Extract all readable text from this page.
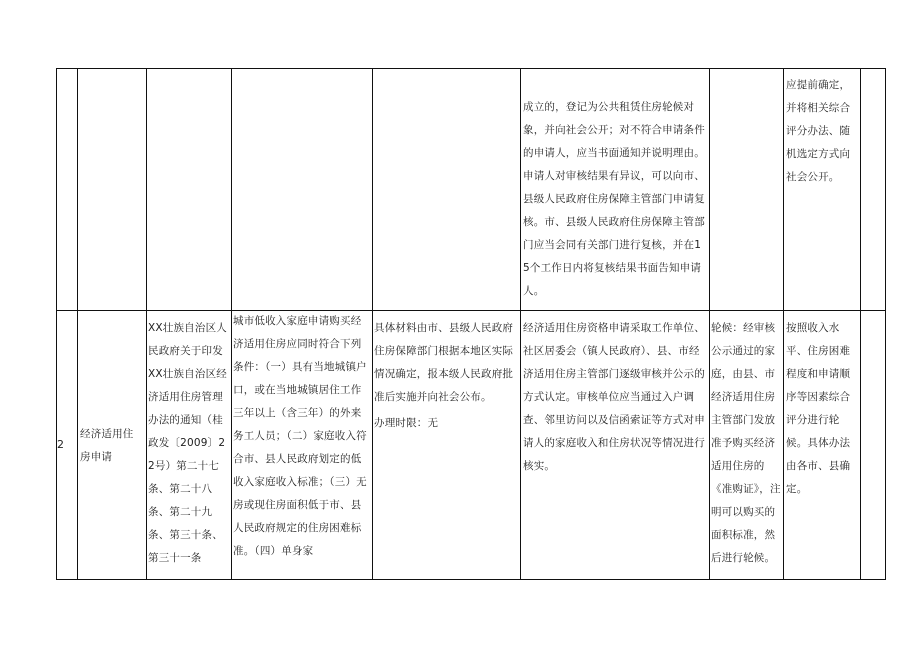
成立的，登记为公共租赁住房轮候对象，并向社会公开；对不符合申请条件的申请人，应当书面通知并说明理由。申请人对审核结果有异议，可以向市、县级人民政府住房保障主管部门申请复核。市、县级人民政府住房保障主管部门应当会同有关部门进行复核，并在15个工作日内将复核结果书面告知申请人。
应提前确定，并将相关综合评分办法、随机选定方式向社会公开。
2
经济适用住房申请
XX壮族自治区人民政府关于印发XX壮族自治区经济适用住房管理办法的通知（桂政发〔2009〕22号）第二十七条、第二十八条、第二十九条、第三十条、第三十一条
城市低收入家庭申请购买经济适用住房应同时符合下列条件：（一）具有当地城镇户口，或在当地城镇居住工作三年以上（含三年）的外来务工人员；（二）家庭收入符合市、县人民政府划定的低收入家庭收入标准；（三）无房或现住房面积低于市、县人民政府规定的住房困难标准。（四）单身家
具体材料由市、县级人民政府住房保障部门根据本地区实际情况确定，报本级人民政府批准后实施并向社会公布。
办理时限：无
经济适用住房资格申请采取工作单位、社区居委会（镇人民政府）、县、市经济适用住房主管部门逐级审核并公示的方式认定。审核单位应当通过入户调查、邻里访问以及信函索证等方式对申请人的家庭收入和住房状况等情况进行核实。
轮候：经审核公示通过的家庭，由县、市经济适用住房主管部门发放准予购买经济适用住房的《准购证》，注明可以购买的面积标准，然后进行轮候。
按照收入水平、住房困难程度和申请顺序等因素综合评分进行轮候。具体办法由各市、县确定。
